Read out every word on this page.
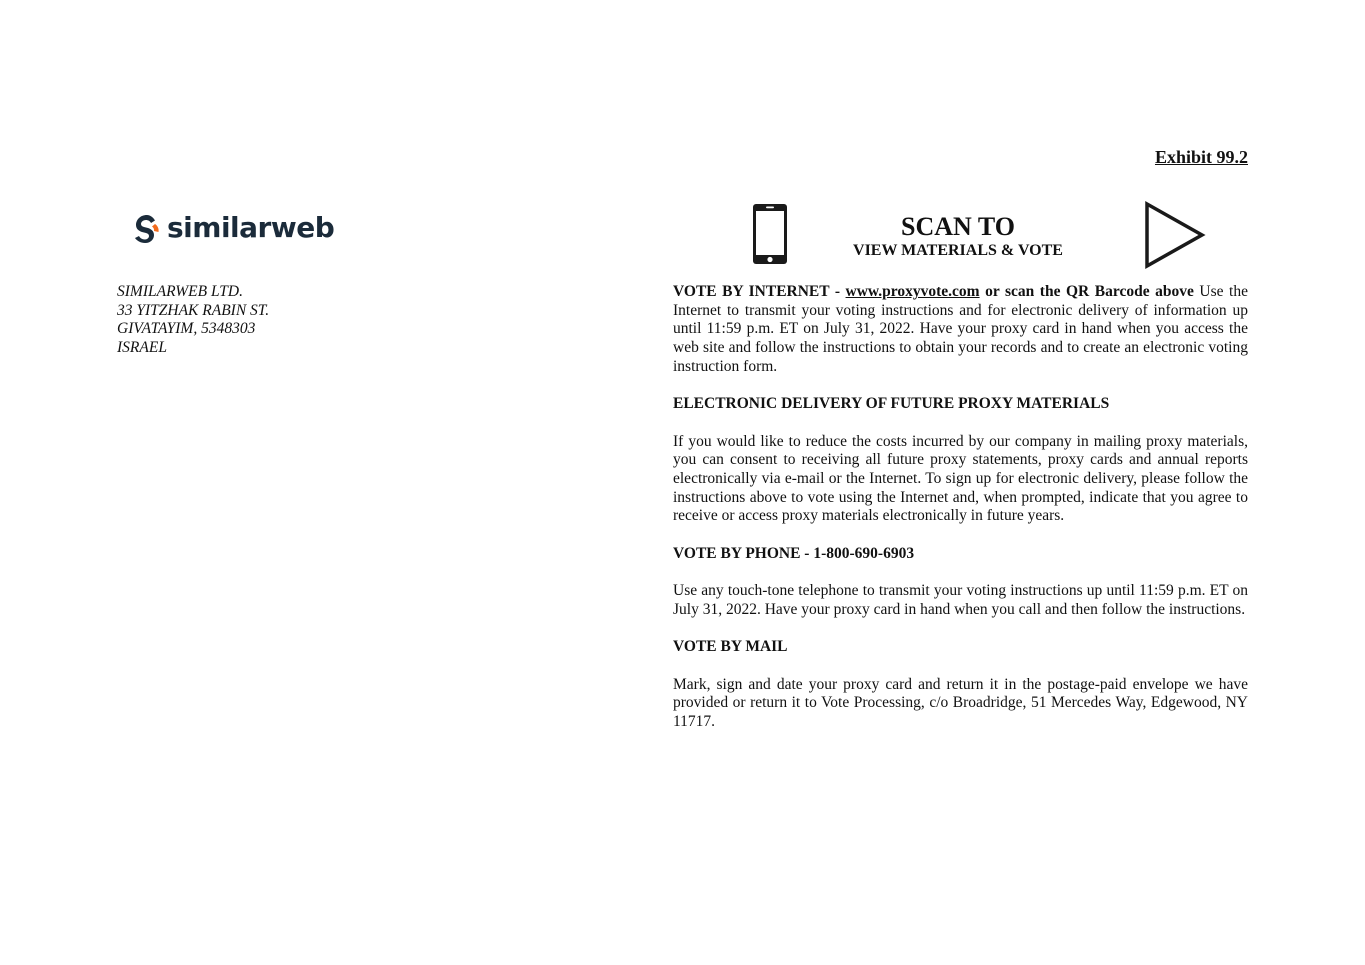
Exhibit 99.2
similarweb
SIMILARWEB LTD.
33 YITZHAK RABIN ST.
GIVATAYIM, 5348303
ISRAEL
SCAN TO
VIEW MATERIALS & VOTE

VOTE BY INTERNET - www.proxyvote.com or scan the QR Barcode above Use the Internet to transmit your voting instructions and for electronic delivery of information up until 11:59 p.m. ET on July 31, 2022. Have your proxy card in hand when you access the web site and follow the instructions to obtain your records and to create an electronic voting instruction form.

ELECTRONIC DELIVERY OF FUTURE PROXY MATERIALS

If you would like to reduce the costs incurred by our company in mailing proxy materials, you can consent to receiving all future proxy statements, proxy cards and annual reports electronically via e-mail or the Internet. To sign up for electronic delivery, please follow the instructions above to vote using the Internet and, when prompted, indicate that you agree to receive or access proxy materials electronically in future years.

VOTE BY PHONE - 1-800-690-6903

Use any touch-tone telephone to transmit your voting instructions up until 11:59 p.m. ET on July 31, 2022. Have your proxy card in hand when you call and then follow the instructions.

VOTE BY MAIL

Mark, sign and date your proxy card and return it in the postage-paid envelope we have provided or return it to Vote Processing, c/o Broadridge, 51 Mercedes Way, Edgewood, NY 11717.
